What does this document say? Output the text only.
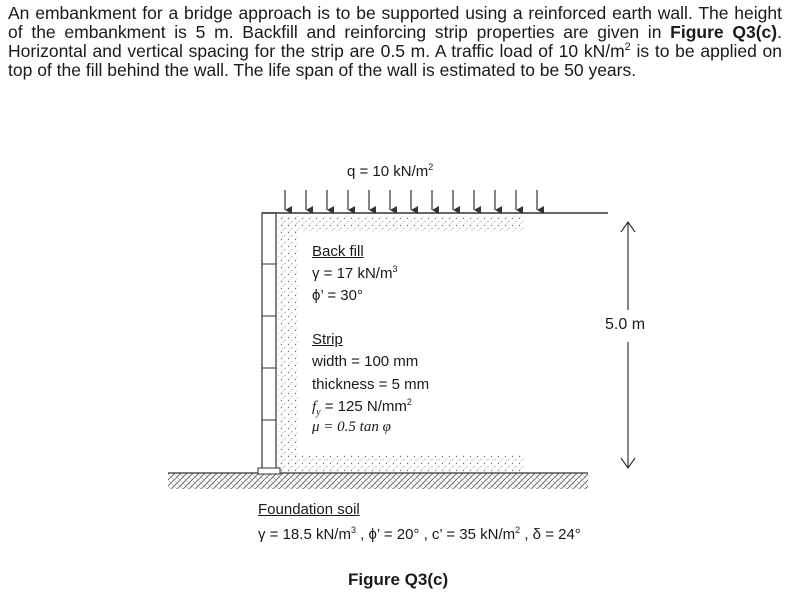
An embankment for a bridge approach is to be supported using a reinforced earth wall. The height of the embankment is 5 m. Backfill and reinforcing strip properties are given in Figure Q3(c). Horizontal and vertical spacing for the strip are 0.5 m. A traffic load of 10 $kN/m^2$ is to be applied on top of the fill behind the wall. The life span of the wall is estimated to be 50 years.

q = 10 $kN/m^2$
5.0 m
Back fill
γ = 17 $kN/m^3$
ϕ’ = 30°
Strip
width = 100 mm
thickness = 5 mm
$f_y = 125$ $N/mm^2$
μ = 0.5 tan φ
Foundation soil
γ = 18.5 $kN/m^3$ , ϕ’ = 20° , c’ = 35 $kN/m^2$ , δ = 24°
Figure Q3(c)
